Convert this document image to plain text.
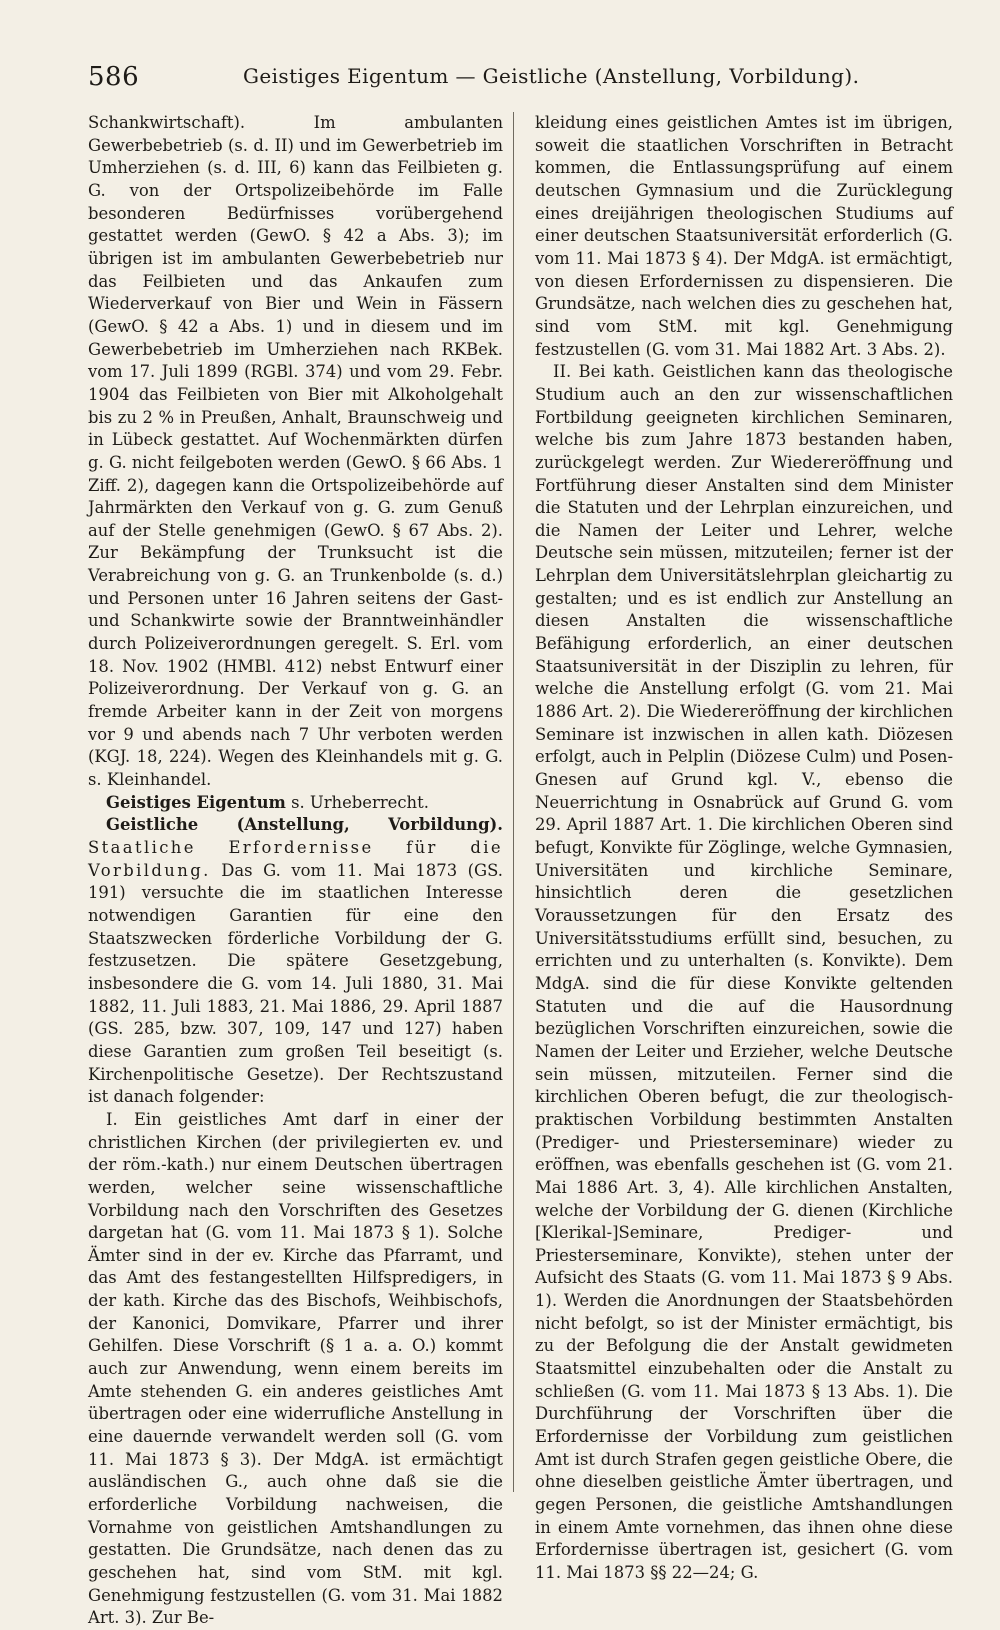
586	Geistiges Eigentum — Geistliche (Anstellung, Vorbildung).

Schankwirtschaft). Im ambulanten Gewerbebetrieb (s. d. II) und im Gewerbetrieb im Umherziehen (s. d. III, 6) kann das Feilbieten g. G. von der Ortspolizeibehörde im Falle besonderen Bedürfnisses vorübergehend gestattet werden (GewO. § 42 a Abs. 3); im übrigen ist im ambulanten Gewerbebetrieb nur das Feilbieten und das Ankaufen zum Wiederverkauf von Bier und Wein in Fässern (GewO. § 42 a Abs. 1) und in diesem und im Gewerbebetrieb im Umherziehen nach RKBek. vom 17. Juli 1899 (RGBl. 374) und vom 29. Febr. 1904 das Feilbieten von Bier mit Alkoholgehalt bis zu 2 % in Preußen, Anhalt, Braunschweig und in Lübeck gestattet. Auf Wochenmärkten dürfen g. G. nicht feilgeboten werden (GewO. § 66 Abs. 1 Ziff. 2), dagegen kann die Ortspolizeibehörde auf Jahrmärkten den Verkauf von g. G. zum Genuß auf der Stelle genehmigen (GewO. § 67 Abs. 2). Zur Bekämpfung der Trunksucht ist die Verabreichung von g. G. an Trunkenbolde (s. d.) und Personen unter 16 Jahren seitens der Gast- und Schankwirte sowie der Branntweinhändler durch Polizeiverordnungen geregelt. S. Erl. vom 18. Nov. 1902 (HMBl. 412) nebst Entwurf einer Polizeiverordnung. Der Verkauf von g. G. an fremde Arbeiter kann in der Zeit von morgens vor 9 und abends nach 7 Uhr verboten werden (KGJ. 18, 224). Wegen des Kleinhandels mit g. G. s. Kleinhandel.

Geistiges Eigentum s. Urheberrecht.

Geistliche (Anstellung, Vorbildung). Staatliche Erfordernisse für die Vorbildung. Das G. vom 11. Mai 1873 (GS. 191) versuchte die im staatlichen Interesse notwendigen Garantien für eine den Staatszwecken förderliche Vorbildung der G. festzusetzen. Die spätere Gesetzgebung, insbesondere die G. vom 14. Juli 1880, 31. Mai 1882, 11. Juli 1883, 21. Mai 1886, 29. April 1887 (GS. 285, bzw. 307, 109, 147 und 127) haben diese Garantien zum großen Teil beseitigt (s. Kirchenpolitische Gesetze). Der Rechtszustand ist danach folgender:

I. Ein geistliches Amt darf in einer der christlichen Kirchen (der privilegierten ev. und der röm.-kath.) nur einem Deutschen übertragen werden, welcher seine wissenschaftliche Vorbildung nach den Vorschriften des Gesetzes dargetan hat (G. vom 11. Mai 1873 § 1). Solche Ämter sind in der ev. Kirche das Pfarramt, und das Amt des festangestellten Hilfspredigers, in der kath. Kirche das des Bischofs, Weihbischofs, der Kanonici, Domvikare, Pfarrer und ihrer Gehilfen. Diese Vorschrift (§ 1 a. a. O.) kommt auch zur Anwendung, wenn einem bereits im Amte stehenden G. ein anderes geistliches Amt übertragen oder eine widerrufliche Anstellung in eine dauernde verwandelt werden soll (G. vom 11. Mai 1873 § 3). Der MdgA. ist ermächtigt ausländischen G., auch ohne daß sie die erforderliche Vorbildung nachweisen, die Vornahme von geistlichen Amtshandlungen zu gestatten. Die Grundsätze, nach denen das zu geschehen hat, sind vom StM. mit kgl. Genehmigung festzustellen (G. vom 31. Mai 1882 Art. 3). Zur Be-

kleidung eines geistlichen Amtes ist im übrigen, soweit die staatlichen Vorschriften in Betracht kommen, die Entlassungsprüfung auf einem deutschen Gymnasium und die Zurücklegung eines dreijährigen theologischen Studiums auf einer deutschen Staatsuniversität erforderlich (G. vom 11. Mai 1873 § 4). Der MdgA. ist ermächtigt, von diesen Erfordernissen zu dispensieren. Die Grundsätze, nach welchen dies zu geschehen hat, sind vom StM. mit kgl. Genehmigung festzustellen (G. vom 31. Mai 1882 Art. 3 Abs. 2).

II. Bei kath. Geistlichen kann das theologische Studium auch an den zur wissenschaftlichen Fortbildung geeigneten kirchlichen Seminaren, welche bis zum Jahre 1873 bestanden haben, zurückgelegt werden. Zur Wiedereröffnung und Fortführung dieser Anstalten sind dem Minister die Statuten und der Lehrplan einzureichen, und die Namen der Leiter und Lehrer, welche Deutsche sein müssen, mitzuteilen; ferner ist der Lehrplan dem Universitätslehrplan gleichartig zu gestalten; und es ist endlich zur Anstellung an diesen Anstalten die wissenschaftliche Befähigung erforderlich, an einer deutschen Staatsuniversität in der Disziplin zu lehren, für welche die Anstellung erfolgt (G. vom 21. Mai 1886 Art. 2). Die Wiedereröffnung der kirchlichen Seminare ist inzwischen in allen kath. Diözesen erfolgt, auch in Pelplin (Diözese Culm) und Posen-Gnesen auf Grund kgl. V., ebenso die Neuerrichtung in Osnabrück auf Grund G. vom 29. April 1887 Art. 1. Die kirchlichen Oberen sind befugt, Konvikte für Zöglinge, welche Gymnasien, Universitäten und kirchliche Seminare, hinsichtlich deren die gesetzlichen Voraussetzungen für den Ersatz des Universitätsstudiums erfüllt sind, besuchen, zu errichten und zu unterhalten (s. Konvikte). Dem MdgA. sind die für diese Konvikte geltenden Statuten und die auf die Hausordnung bezüglichen Vorschriften einzureichen, sowie die Namen der Leiter und Erzieher, welche Deutsche sein müssen, mitzuteilen. Ferner sind die kirchlichen Oberen befugt, die zur theologisch-praktischen Vorbildung bestimmten Anstalten (Prediger- und Priesterseminare) wieder zu eröffnen, was ebenfalls geschehen ist (G. vom 21. Mai 1886 Art. 3, 4). Alle kirchlichen Anstalten, welche der Vorbildung der G. dienen (Kirchliche [Klerikal-]Seminare, Prediger- und Priesterseminare, Konvikte), stehen unter der Aufsicht des Staats (G. vom 11. Mai 1873 § 9 Abs. 1). Werden die Anordnungen der Staatsbehörden nicht befolgt, so ist der Minister ermächtigt, bis zu der Befolgung die der Anstalt gewidmeten Staatsmittel einzubehalten oder die Anstalt zu schließen (G. vom 11. Mai 1873 § 13 Abs. 1). Die Durchführung der Vorschriften über die Erfordernisse der Vorbildung zum geistlichen Amt ist durch Strafen gegen geistliche Obere, die ohne dieselben geistliche Ämter übertragen, und gegen Personen, die geistliche Amtshandlungen in einem Amte vornehmen, das ihnen ohne diese Erfordernisse übertragen ist, gesichert (G. vom 11. Mai 1873 §§ 22—24; G.
